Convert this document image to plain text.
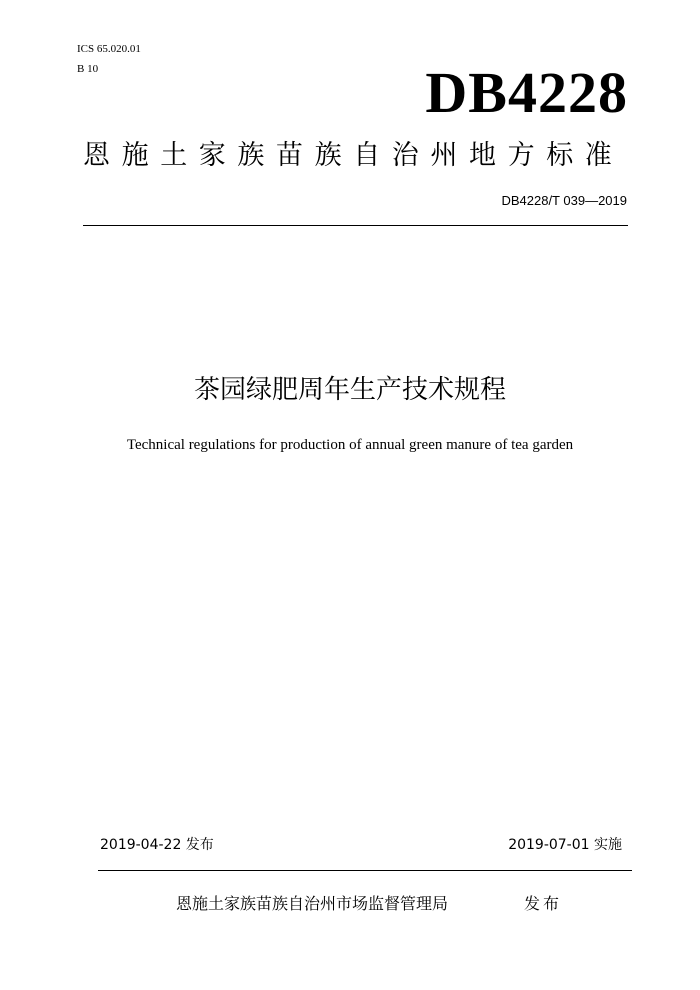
ICS 65.020.01
B 10	DB4228
恩施土家族苗族自治州地方标准
DB4228/T 039—2019
茶园绿肥周年生产技术规程
Technical regulations for production of annual green manure of tea garden
2019-04-22 发布	2019-07-01 实施
恩施土家族苗族自治州市场监督管理局	发布
